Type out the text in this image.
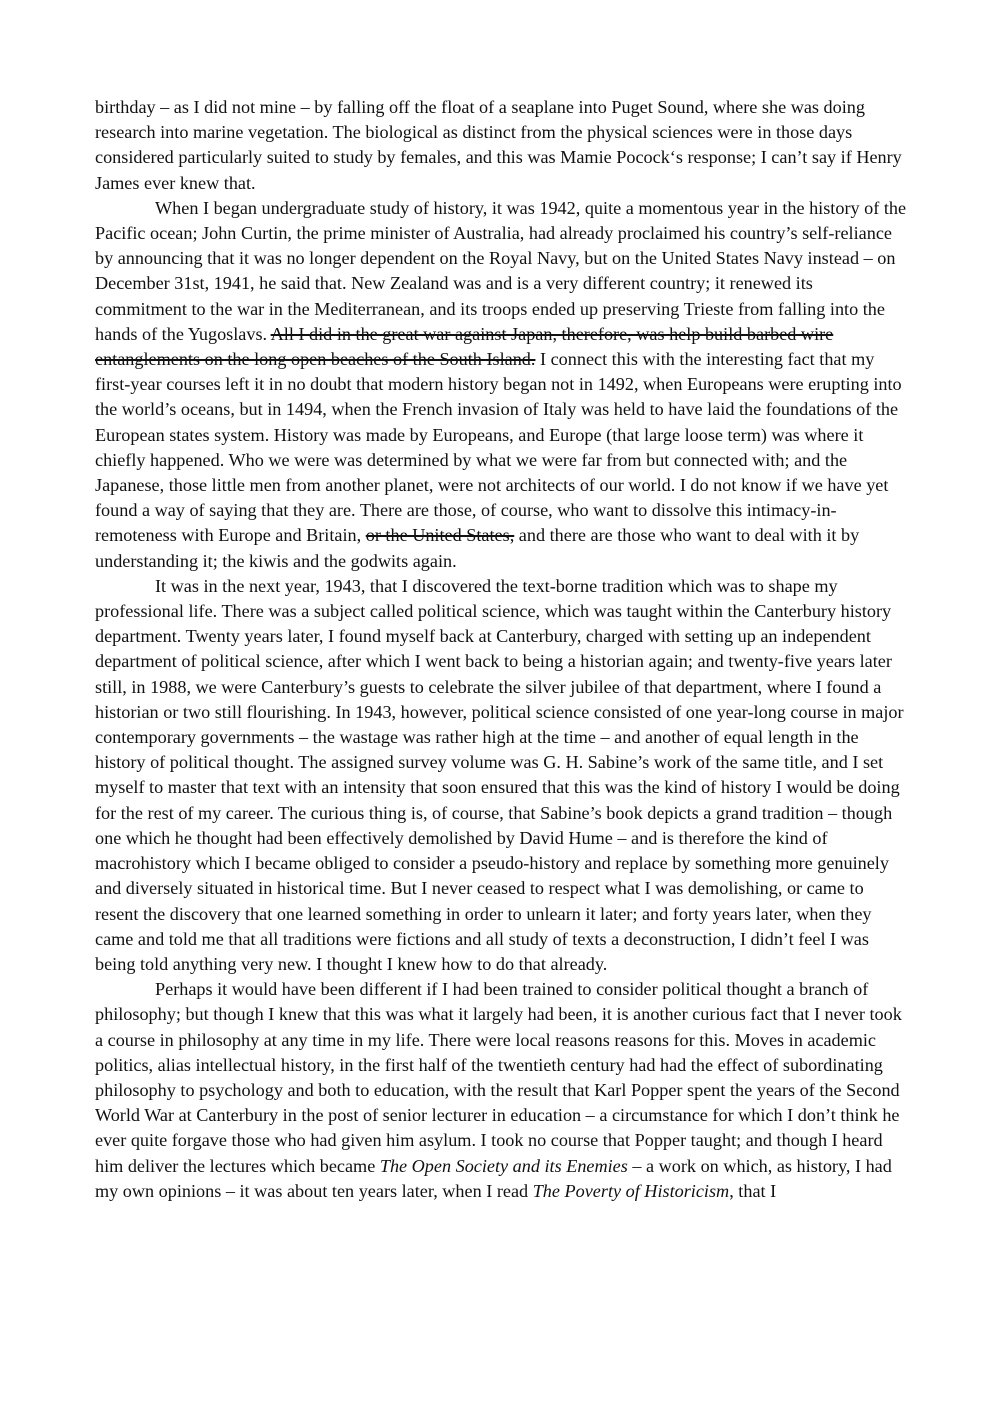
birthday – as I did not mine – by falling off the float of a seaplane into Puget Sound, where she was doing research into marine vegetation. The biological as distinct from the physical sciences were in those days considered particularly suited to study by females, and this was Mamie Pocock‘s response; I can’t say if Henry James ever knew that.

When I began undergraduate study of history, it was 1942, quite a momentous year in the history of the Pacific ocean; John Curtin, the prime minister of Australia, had already proclaimed his country’s self-reliance by announcing that it was no longer dependent on the Royal Navy, but on the United States Navy instead – on December 31st, 1941, he said that. New Zealand was and is a very different country; it renewed its commitment to the war in the Mediterranean, and its troops ended up preserving Trieste from falling into the hands of the Yugoslavs. All I did in the great war against Japan, therefore, was help build barbed wire entanglements on the long open beaches of the South Island. I connect this with the interesting fact that my first-year courses left it in no doubt that modern history began not in 1492, when Europeans were erupting into the world’s oceans, but in 1494, when the French invasion of Italy was held to have laid the foundations of the European states system. History was made by Europeans, and Europe (that large loose term) was where it chiefly happened. Who we were was determined by what we were far from but connected with; and the Japanese, those little men from another planet, were not architects of our world. I do not know if we have yet found a way of saying that they are. There are those, of course, who want to dissolve this intimacy-in-remoteness with Europe and Britain, or the United States, and there are those who want to deal with it by understanding it; the kiwis and the godwits again.

It was in the next year, 1943, that I discovered the text-borne tradition which was to shape my professional life. There was a subject called political science, which was taught within the Canterbury history department. Twenty years later, I found myself back at Canterbury, charged with setting up an independent department of political science, after which I went back to being a historian again; and twenty-five years later still, in 1988, we were Canterbury’s guests to celebrate the silver jubilee of that department, where I found a historian or two still flourishing. In 1943, however, political science consisted of one year-long course in major contemporary governments – the wastage was rather high at the time – and another of equal length in the history of political thought. The assigned survey volume was G. H. Sabine’s work of the same title, and I set myself to master that text with an intensity that soon ensured that this was the kind of history I would be doing for the rest of my career. The curious thing is, of course, that Sabine’s book depicts a grand tradition – though one which he thought had been effectively demolished by David Hume – and is therefore the kind of macrohistory which I became obliged to consider a pseudo-history and replace by something more genuinely and diversely situated in historical time. But I never ceased to respect what I was demolishing, or came to resent the discovery that one learned something in order to unlearn it later; and forty years later, when they came and told me that all traditions were fictions and all study of texts a deconstruction, I didn’t feel I was being told anything very new. I thought I knew how to do that already.

Perhaps it would have been different if I had been trained to consider political thought a branch of philosophy; but though I knew that this was what it largely had been, it is another curious fact that I never took a course in philosophy at any time in my life. There were local reasons reasons for this. Moves in academic politics, alias intellectual history, in the first half of the twentieth century had had the effect of subordinating philosophy to psychology and both to education, with the result that Karl Popper spent the years of the Second World War at Canterbury in the post of senior lecturer in education – a circumstance for which I don’t think he ever quite forgave those who had given him asylum. I took no course that Popper taught; and though I heard him deliver the lectures which became The Open Society and its Enemies – a work on which, as history, I had my own opinions – it was about ten years later, when I read The Poverty of Historicism, that I
